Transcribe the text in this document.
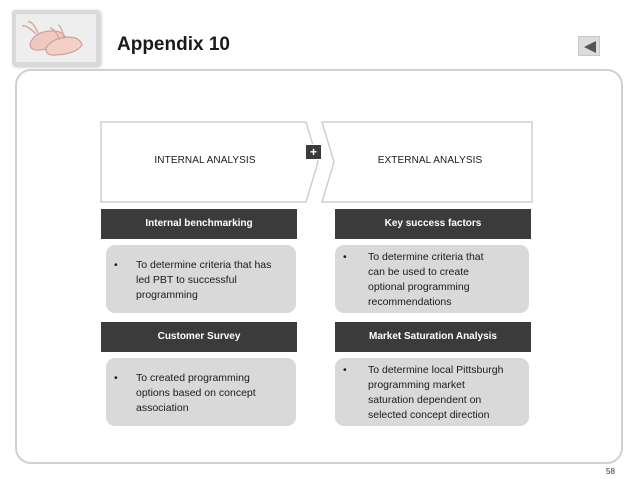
Appendix 10
INTERNAL ANALYSIS	EXTERNAL ANALYSIS
+
Internal benchmarking
• To determine criteria that has
led PBT to successful
programming
Key success factors
• To determine criteria that
can be used to create
optional programming
recommendations
Customer Survey
• To created programming
options based on concept
association
Market Saturation Analysis
• To determine local Pittsburgh
programming market
saturation dependent on
selected concept direction
58
